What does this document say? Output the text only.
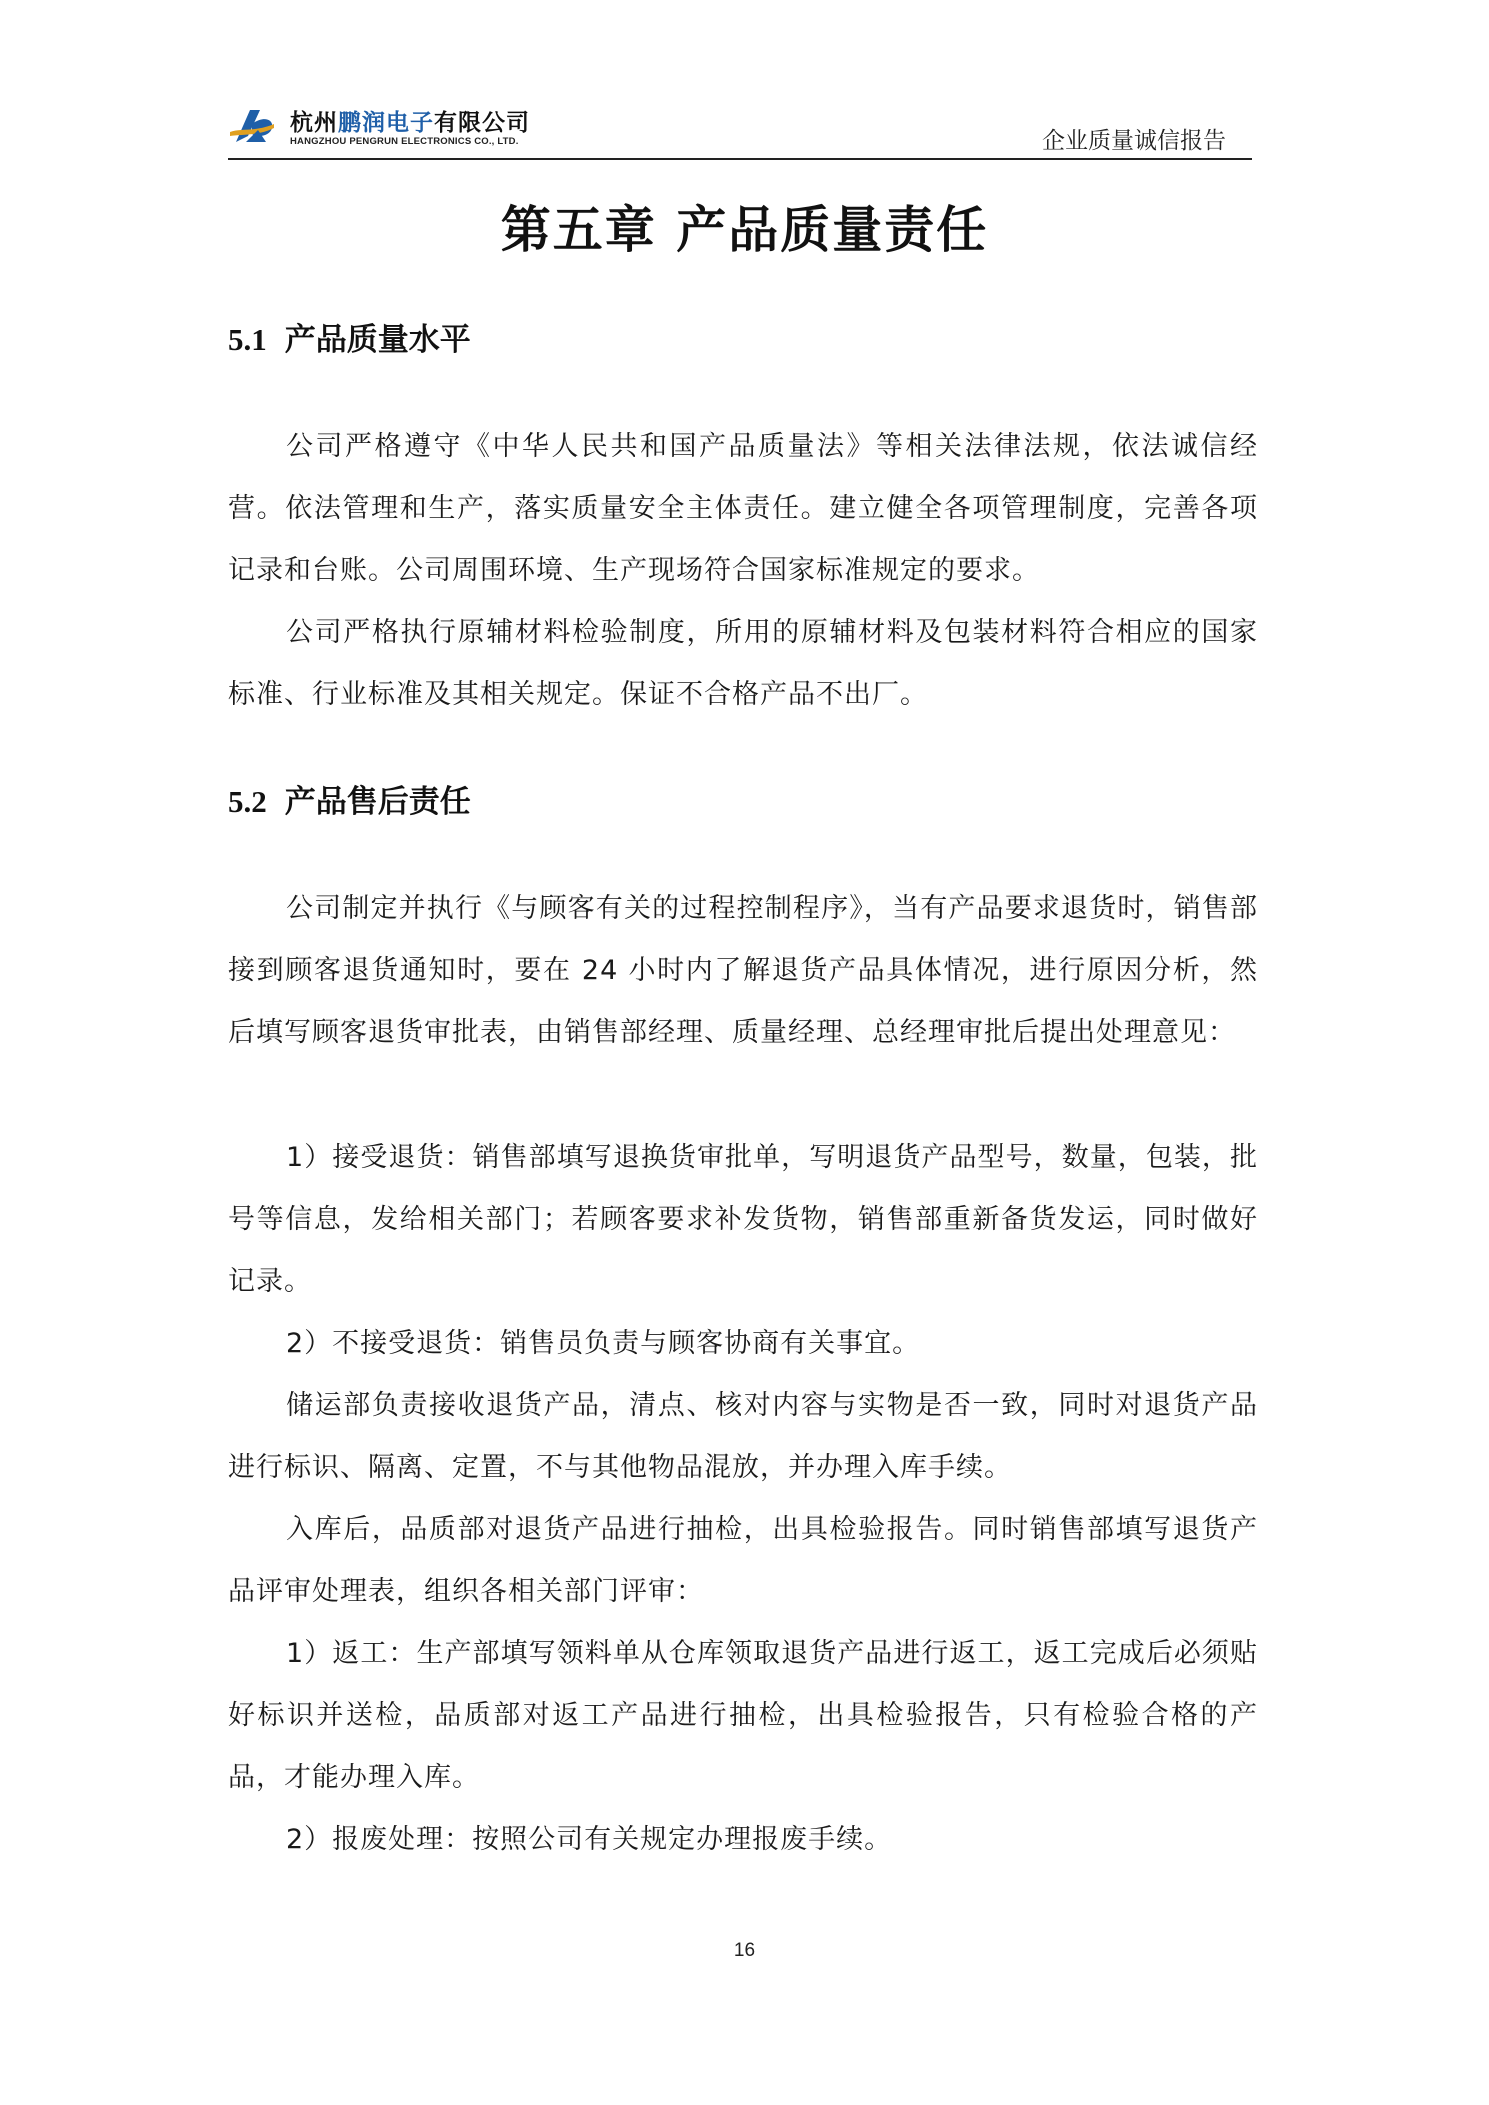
杭州鹏润电子有限公司
HANGZHOU PENGRUN ELECTRONICS CO., LTD.	企业质量诚信报告
第五章 产品质量责任
5.1 产品质量水平
公司严格遵守《中华人民共和国产品质量法》等相关法律法规，依法诚信经营。依法管理和生产，落实质量安全主体责任。建立健全各项管理制度，完善各项记录和台账。公司周围环境、生产现场符合国家标准规定的要求。
公司严格执行原辅材料检验制度，所用的原辅材料及包装材料符合相应的国家标准、行业标准及其相关规定。保证不合格产品不出厂。
5.2 产品售后责任
公司制定并执行《与顾客有关的过程控制程序》，当有产品要求退货时，销售部接到顾客退货通知时，要在 24 小时内了解退货产品具体情况，进行原因分析，然后填写顾客退货审批表，由销售部经理、质量经理、总经理审批后提出处理意见：
1）接受退货：销售部填写退换货审批单，写明退货产品型号，数量，包装，批号等信息，发给相关部门；若顾客要求补发货物，销售部重新备货发运，同时做好记录。
2）不接受退货：销售员负责与顾客协商有关事宜。
储运部负责接收退货产品，清点、核对内容与实物是否一致，同时对退货产品进行标识、隔离、定置，不与其他物品混放，并办理入库手续。
入库后，品质部对退货产品进行抽检，出具检验报告。同时销售部填写退货产品评审处理表，组织各相关部门评审：
1）返工：生产部填写领料单从仓库领取退货产品进行返工，返工完成后必须贴好标识并送检，品质部对返工产品进行抽检，出具检验报告，只有检验合格的产品，才能办理入库。
2）报废处理：按照公司有关规定办理报废手续。
16
